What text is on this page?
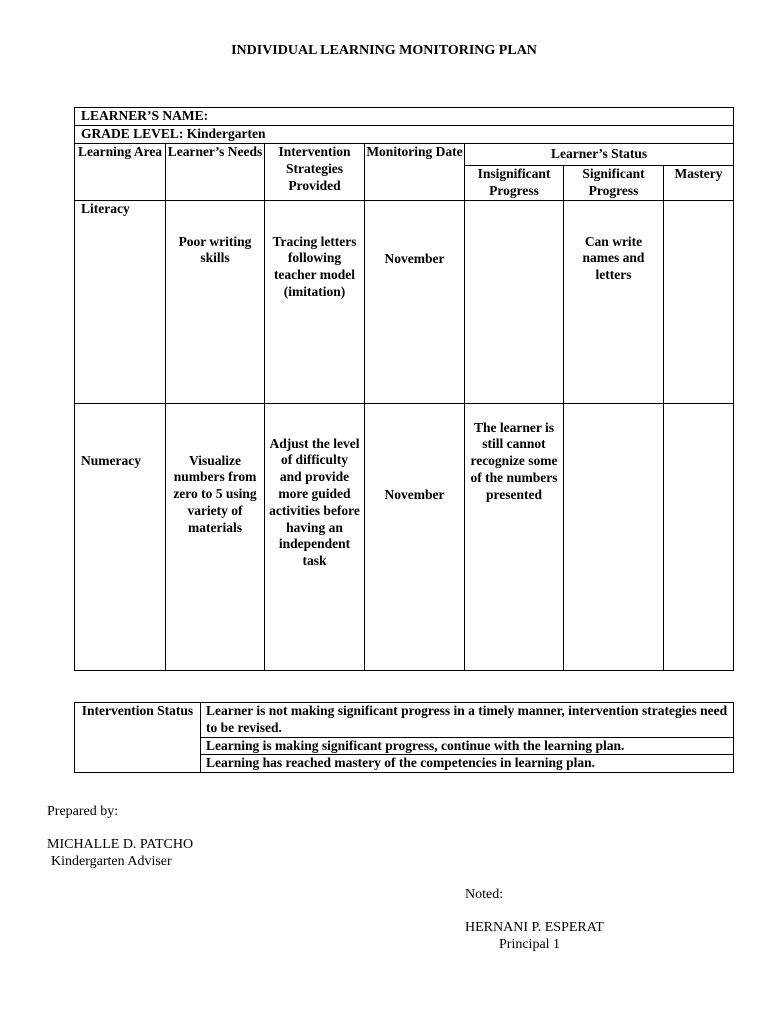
INDIVIDUAL LEARNING MONITORING PLAN
LEARNER’S NAME:						
GRADE LEVEL: Kindergarten						
Learning Area	Learner’s Needs	Intervention Strategies Provided	Monitoring Date	Learner’s Status		
				Insignificant Progress	Significant Progress	Mastery
Literacy	Poor writing skills	Tracing letters following teacher model (imitation)	November		Can write names and letters	
Numeracy	Visualize numbers from zero to 5 using variety of materials	Adjust the level of difficulty and provide more guided activities before having an independent task	November	The learner is still cannot recognize some of the numbers presented		
Intervention Status	Learner is not making significant progress in a timely manner, intervention strategies need to be revised.
Learning is making significant progress, continue with the learning plan.
Learning has reached mastery of the competencies in learning plan.
Prepared by:
MICHALLE D. PATCHO
Kindergarten Adviser
Noted:
HERNANI P. ESPERAT
Principal 1
